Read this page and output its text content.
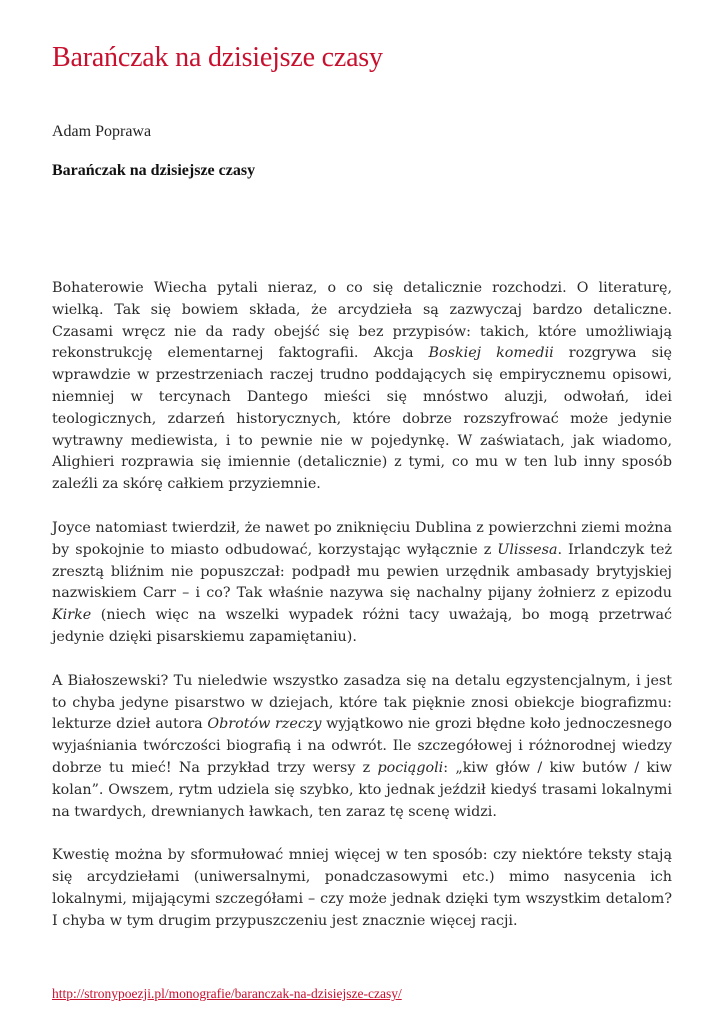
Barańczak na dzisiejsze czasy

Adam Poprawa

Barańczak na dzisiejsze czasy

Bohaterowie Wiecha pytali nieraz, o co się detalicznie rozchodzi. O literaturę, wielką. Tak się bowiem składa, że arcydzieła są zazwyczaj bardzo detaliczne. Czasami wręcz nie da rady obejść się bez przypisów: takich, które umożliwiają rekonstrukcję elementarnej faktografii. Akcja Boskiej komedii rozgrywa się wprawdzie w przestrzeniach raczej trudno poddających się empirycznemu opisowi, niemniej w tercynach Dantego mieści się mnóstwo aluzji, odwołań, idei teologicznych, zdarzeń historycznych, które dobrze rozszyfrować może jedynie wytrawny mediewista, i to pewnie nie w pojedynkę. W zaświatach, jak wiadomo, Alighieri rozprawia się imiennie (detalicznie) z tymi, co mu w ten lub inny sposób zaleźli za skórę całkiem przyziemnie.

Joyce natomiast twierdził, że nawet po zniknięciu Dublina z powierzchni ziemi można by spokojnie to miasto odbudować, korzystając wyłącznie z Ulissesa. Irlandczyk też zresztą bliźnim nie popuszczał: podpadł mu pewien urzędnik ambasady brytyjskiej nazwiskiem Carr – i co? Tak właśnie nazywa się nachalny pijany żołnierz z epizodu Kirke (niech więc na wszelki wypadek różni tacy uważają, bo mogą przetrwać jedynie dzięki pisarskiemu zapamiętaniu).

A Białoszewski? Tu nieledwie wszystko zasadza się na detalu egzystencjalnym, i jest to chyba jedyne pisarstwo w dziejach, które tak pięknie znosi obiekcje biografizmu: lekturze dzieł autora Obrotów rzeczy wyjątkowo nie grozi błędne koło jednoczesnego wyjaśniania twórczości biografią i na odwrót. Ile szczegółowej i różnorodnej wiedzy dobrze tu mieć! Na przykład trzy wersy z pociągoli: „kiw głów / kiw butów / kiw kolan”. Owszem, rytm udziela się szybko, kto jednak jeździł kiedyś trasami lokalnymi na twardych, drewnianych ławkach, ten zaraz tę scenę widzi.

Kwestię można by sformułować mniej więcej w ten sposób: czy niektóre teksty stają się arcydziełami (uniwersalnymi, ponadczasowymi etc.) mimo nasycenia ich lokalnymi, mijającymi szczegółami – czy może jednak dzięki tym wszystkim detalom? I chyba w tym drugim przypuszczeniu jest znacznie więcej racji.

http://stronypoezji.pl/monografie/baranczak-na-dzisiejsze-czasy/
